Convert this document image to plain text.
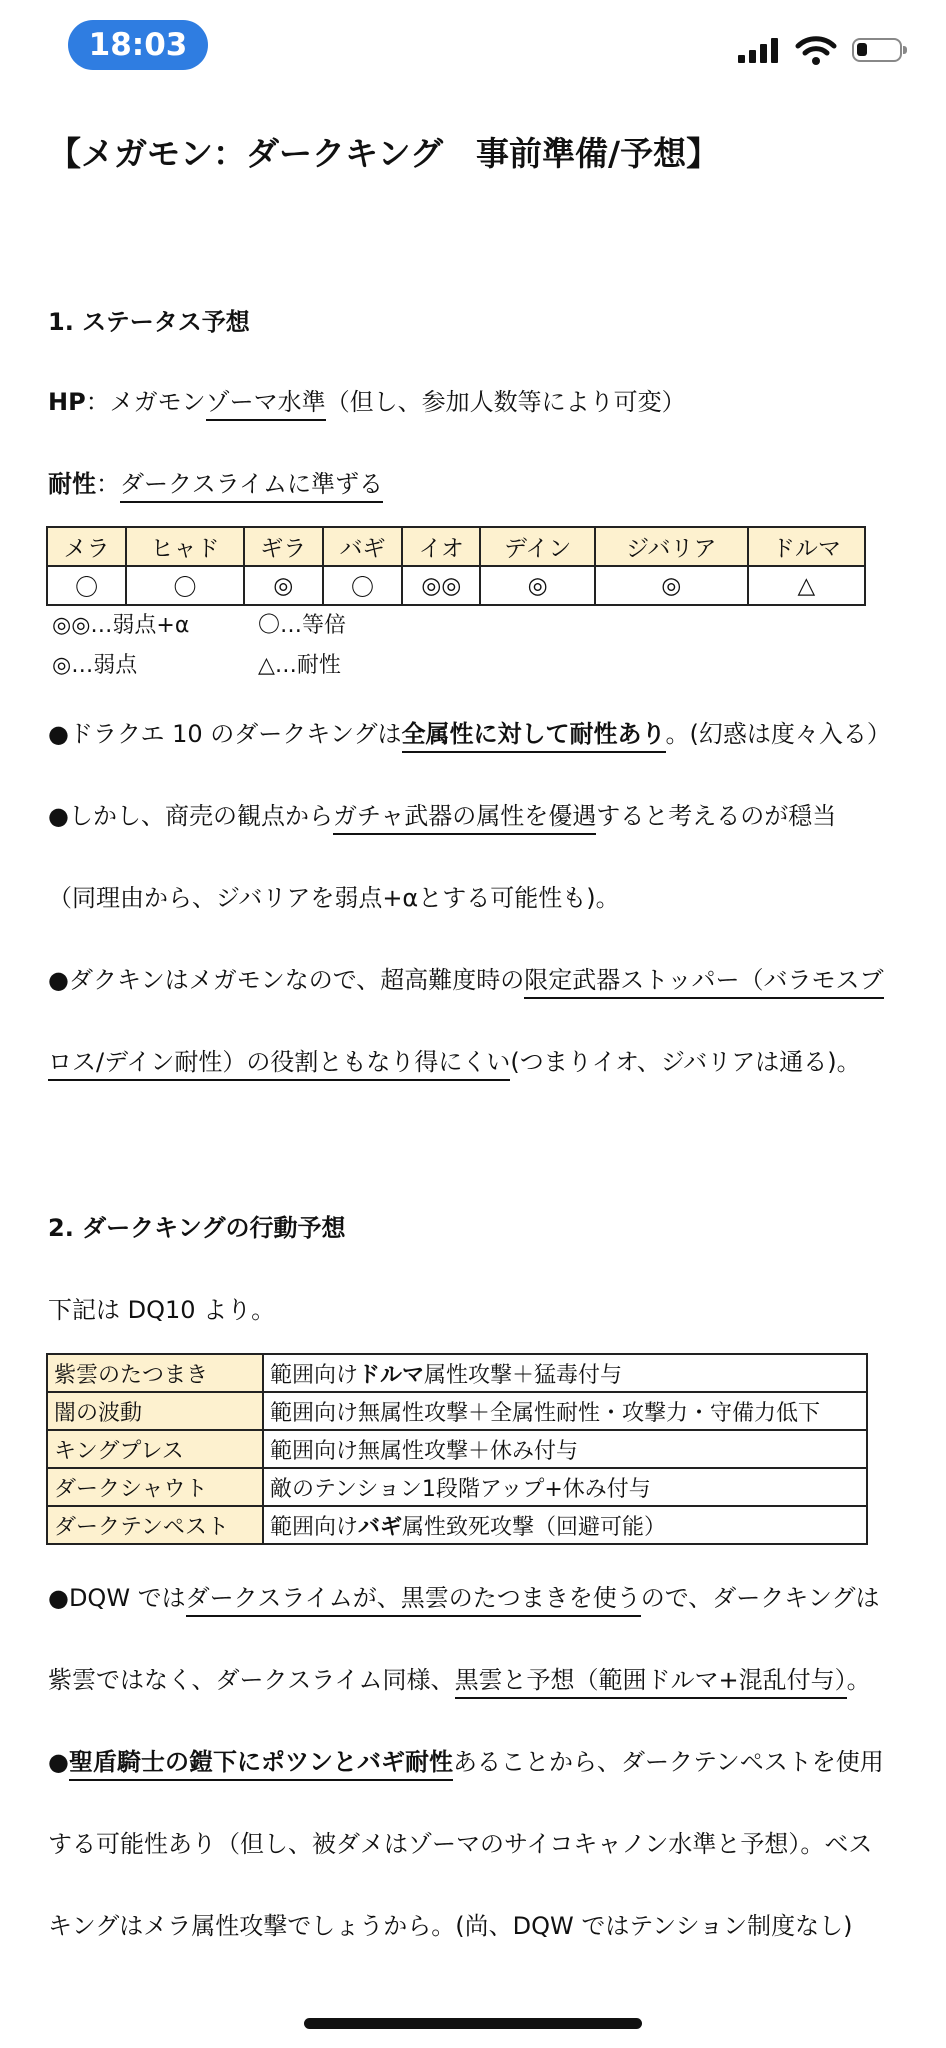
18:03
【メガモン：ダークキング　事前準備/予想】
1. ステータス予想
HP：メガモンゾーマ水準（但し、参加人数等により可変）
耐性：ダークスライムに準ずる
メラ	ヒャド	ギラ	バギ	イオ	デイン	ジバリア	ドルマ
〇	〇	◎	〇	◎◎	◎	◎	△
◎◎…弱点+α	〇…等倍
◎…弱点	△…耐性
●ドラクエ 10 のダークキングは全属性に対して耐性あり。(幻惑は度々入る）
●しかし、商売の観点からガチャ武器の属性を優遇すると考えるのが穏当
（同理由から、ジバリアを弱点+αとする可能性も)。
●ダクキンはメガモンなので、超高難度時の限定武器ストッパー（バラモスブ
ロス/デイン耐性）の役割ともなり得にくい(つまりイオ、ジバリアは通る)。
2. ダークキングの行動予想
下記は DQ10 より。
紫雲のたつまき	範囲向けドルマ属性攻撃＋猛毒付与
闇の波動	範囲向け無属性攻撃＋全属性耐性・攻撃力・守備力低下
キングプレス	範囲向け無属性攻撃＋休み付与
ダークシャウト	敵のテンション1段階アップ+休み付与
ダークテンペスト	範囲向けバギ属性致死攻撃（回避可能）
●DQW ではダークスライムが、黒雲のたつまきを使うので、ダークキングは
紫雲ではなく、ダークスライム同様、黒雲と予想（範囲ドルマ+混乱付与）。
●聖盾騎士の鎧下にポツンとバギ耐性あることから、ダークテンペストを使用
する可能性あり（但し、被ダメはゾーマのサイコキャノン水準と予想）。ベス
キングはメラ属性攻撃でしょうから。(尚、DQW ではテンション制度なし)
